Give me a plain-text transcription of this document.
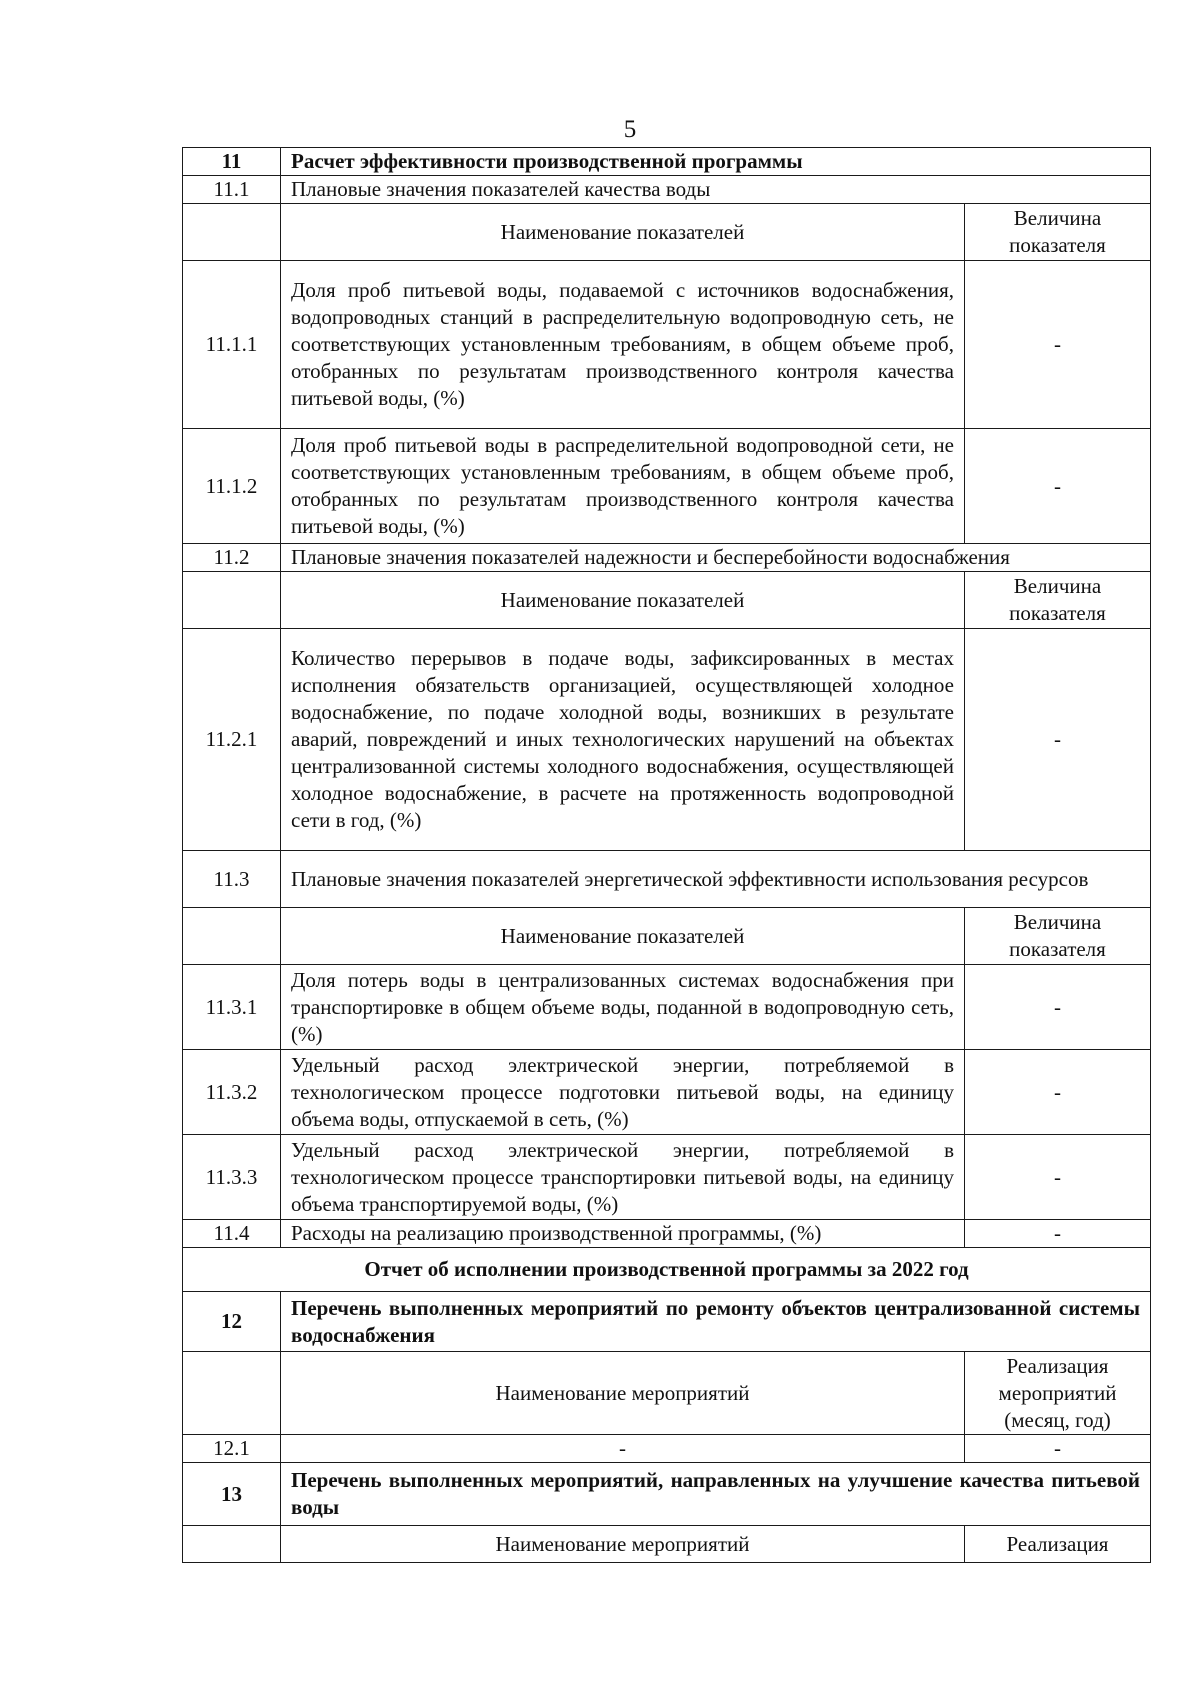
5
11	Расчет эффективности производственной программы	
11.1	Плановые значения показателей качества воды	
	Наименование показателей	Величина показателя
11.1.1	Доля проб питьевой воды, подаваемой с источников водоснабжения, водопроводных станций в распределительную водопроводную сеть, не соответствующих установленным требованиям, в общем объеме проб, отобранных по результатам производственного контроля качества питьевой воды, (%)	-
11.1.2	Доля проб питьевой воды в распределительной водопроводной сети, не соответствующих установленным требованиям, в общем объеме проб, отобранных по результатам производственного контроля качества питьевой воды, (%)	-
11.2	Плановые значения показателей надежности и бесперебойности водоснабжения	
	Наименование показателей	Величина показателя
11.2.1	Количество перерывов в подаче воды, зафиксированных в местах исполнения обязательств организацией, осуществляющей холодное водоснабжение, по подаче холодной воды, возникших в результате аварий, повреждений и иных технологических нарушений на объектах централизованной системы холодного водоснабжения, осуществляющей холодное водоснабжение, в расчете на протяженность водопроводной сети в год, (%)	-
11.3	Плановые значения показателей энергетической эффективности использования ресурсов	
	Наименование показателей	Величина показателя
11.3.1	Доля потерь воды в централизованных системах водоснабжения при транспортировке в общем объеме воды, поданной в водопроводную сеть, (%)	-
11.3.2	Удельный расход электрической энергии, потребляемой в технологическом процессе подготовки питьевой воды, на единицу объема воды, отпускаемой в сеть, (%)	-
11.3.3	Удельный расход электрической энергии, потребляемой в технологическом процессе транспортировки питьевой воды, на единицу объема транспортируемой воды, (%)	-
11.4	Расходы на реализацию производственной программы, (%)	-
Отчет об исполнении производственной программы за 2022 год		
12	Перечень выполненных мероприятий по ремонту объектов централизованной системы водоснабжения	
	Наименование мероприятий	Реализация мероприятий (месяц, год)
12.1	-	-
13	Перечень выполненных мероприятий, направленных на улучшение качества питьевой воды	
	Наименование мероприятий	Реализация
